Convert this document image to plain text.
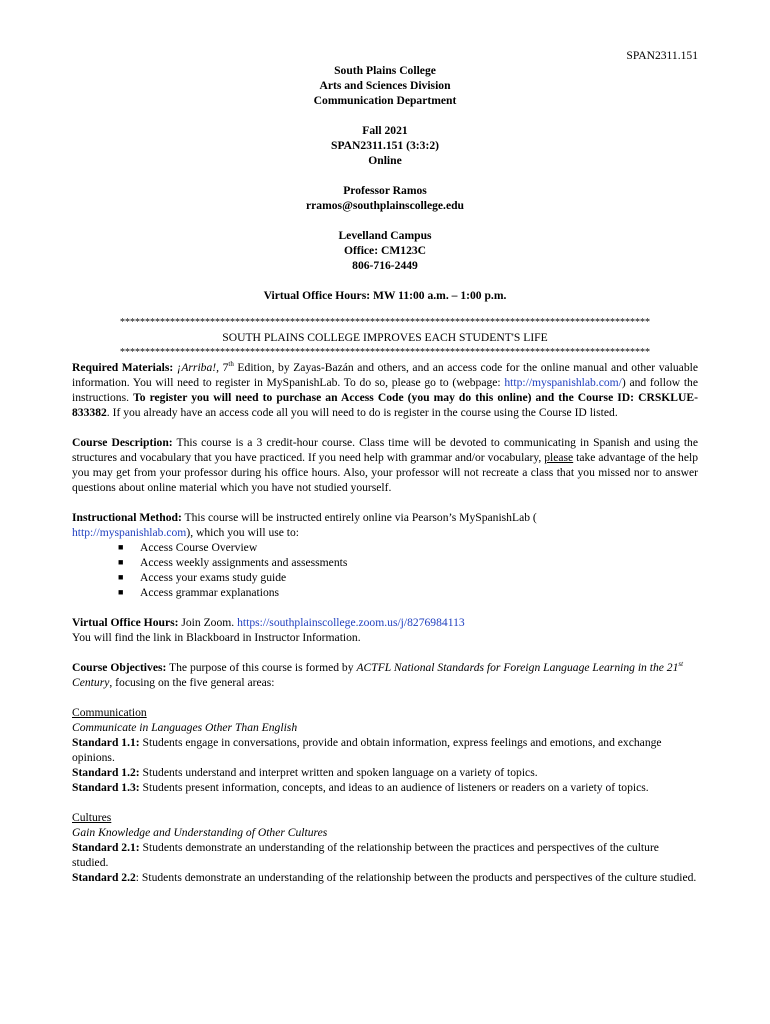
SPAN2311.151
South Plains College
Arts and Sciences Division
Communication Department
Fall 2021
SPAN2311.151 (3:3:2)
Online
Professor Ramos
rramos@southplainscollege.edu
Levelland Campus
Office: CM123C
806-716-2449
Virtual Office Hours: MW 11:00 a.m. – 1:00 p.m.
**********************************************************************************************************
SOUTH PLAINS COLLEGE IMPROVES EACH STUDENT'S LIFE
**********************************************************************************************************

Required Materials: ¡Arriba!, 7th Edition, by Zayas-Bazán and others, and an access code for the online manual and other valuable information. You will need to register in MySpanishLab. To do so, please go to (webpage: http://myspanishlab.com/) and follow the instructions. To register you will need to purchase an Access Code (you may do this online) and the Course ID: CRSKLUE-833382. If you already have an access code all you will need to do is register in the course using the Course ID listed.

Course Description: This course is a 3 credit-hour course. Class time will be devoted to communicating in Spanish and using the structures and vocabulary that you have practiced. If you need help with grammar and/or vocabulary, please take advantage of the help you may get from your professor during his office hours. Also, your professor will not recreate a class that you missed nor to answer questions about online material which you have not studied yourself.

Instructional Method: This course will be instructed entirely online via Pearson’s MySpanishLab (
http://myspanishlab.com), which you will use to:

■ Access Course Overview
■ Access weekly assignments and assessments
■ Access your exams study guide
■ Access grammar explanations

Virtual Office Hours: Join Zoom. https://southplainscollege.zoom.us/j/8276984113
You will find the link in Blackboard in Instructor Information.

Course Objectives: The purpose of this course is formed by ACTFL National Standards for Foreign Language Learning in the 21st Century, focusing on the five general areas:

Communication
Communicate in Languages Other Than English
Standard 1.1: Students engage in conversations, provide and obtain information, express feelings and emotions, and exchange opinions.
Standard 1.2: Students understand and interpret written and spoken language on a variety of topics.
Standard 1.3: Students present information, concepts, and ideas to an audience of listeners or readers on a variety of topics.

Cultures
Gain Knowledge and Understanding of Other Cultures
Standard 2.1: Students demonstrate an understanding of the relationship between the practices and perspectives of the culture studied.
Standard 2.2: Students demonstrate an understanding of the relationship between the products and perspectives of the culture studied.
